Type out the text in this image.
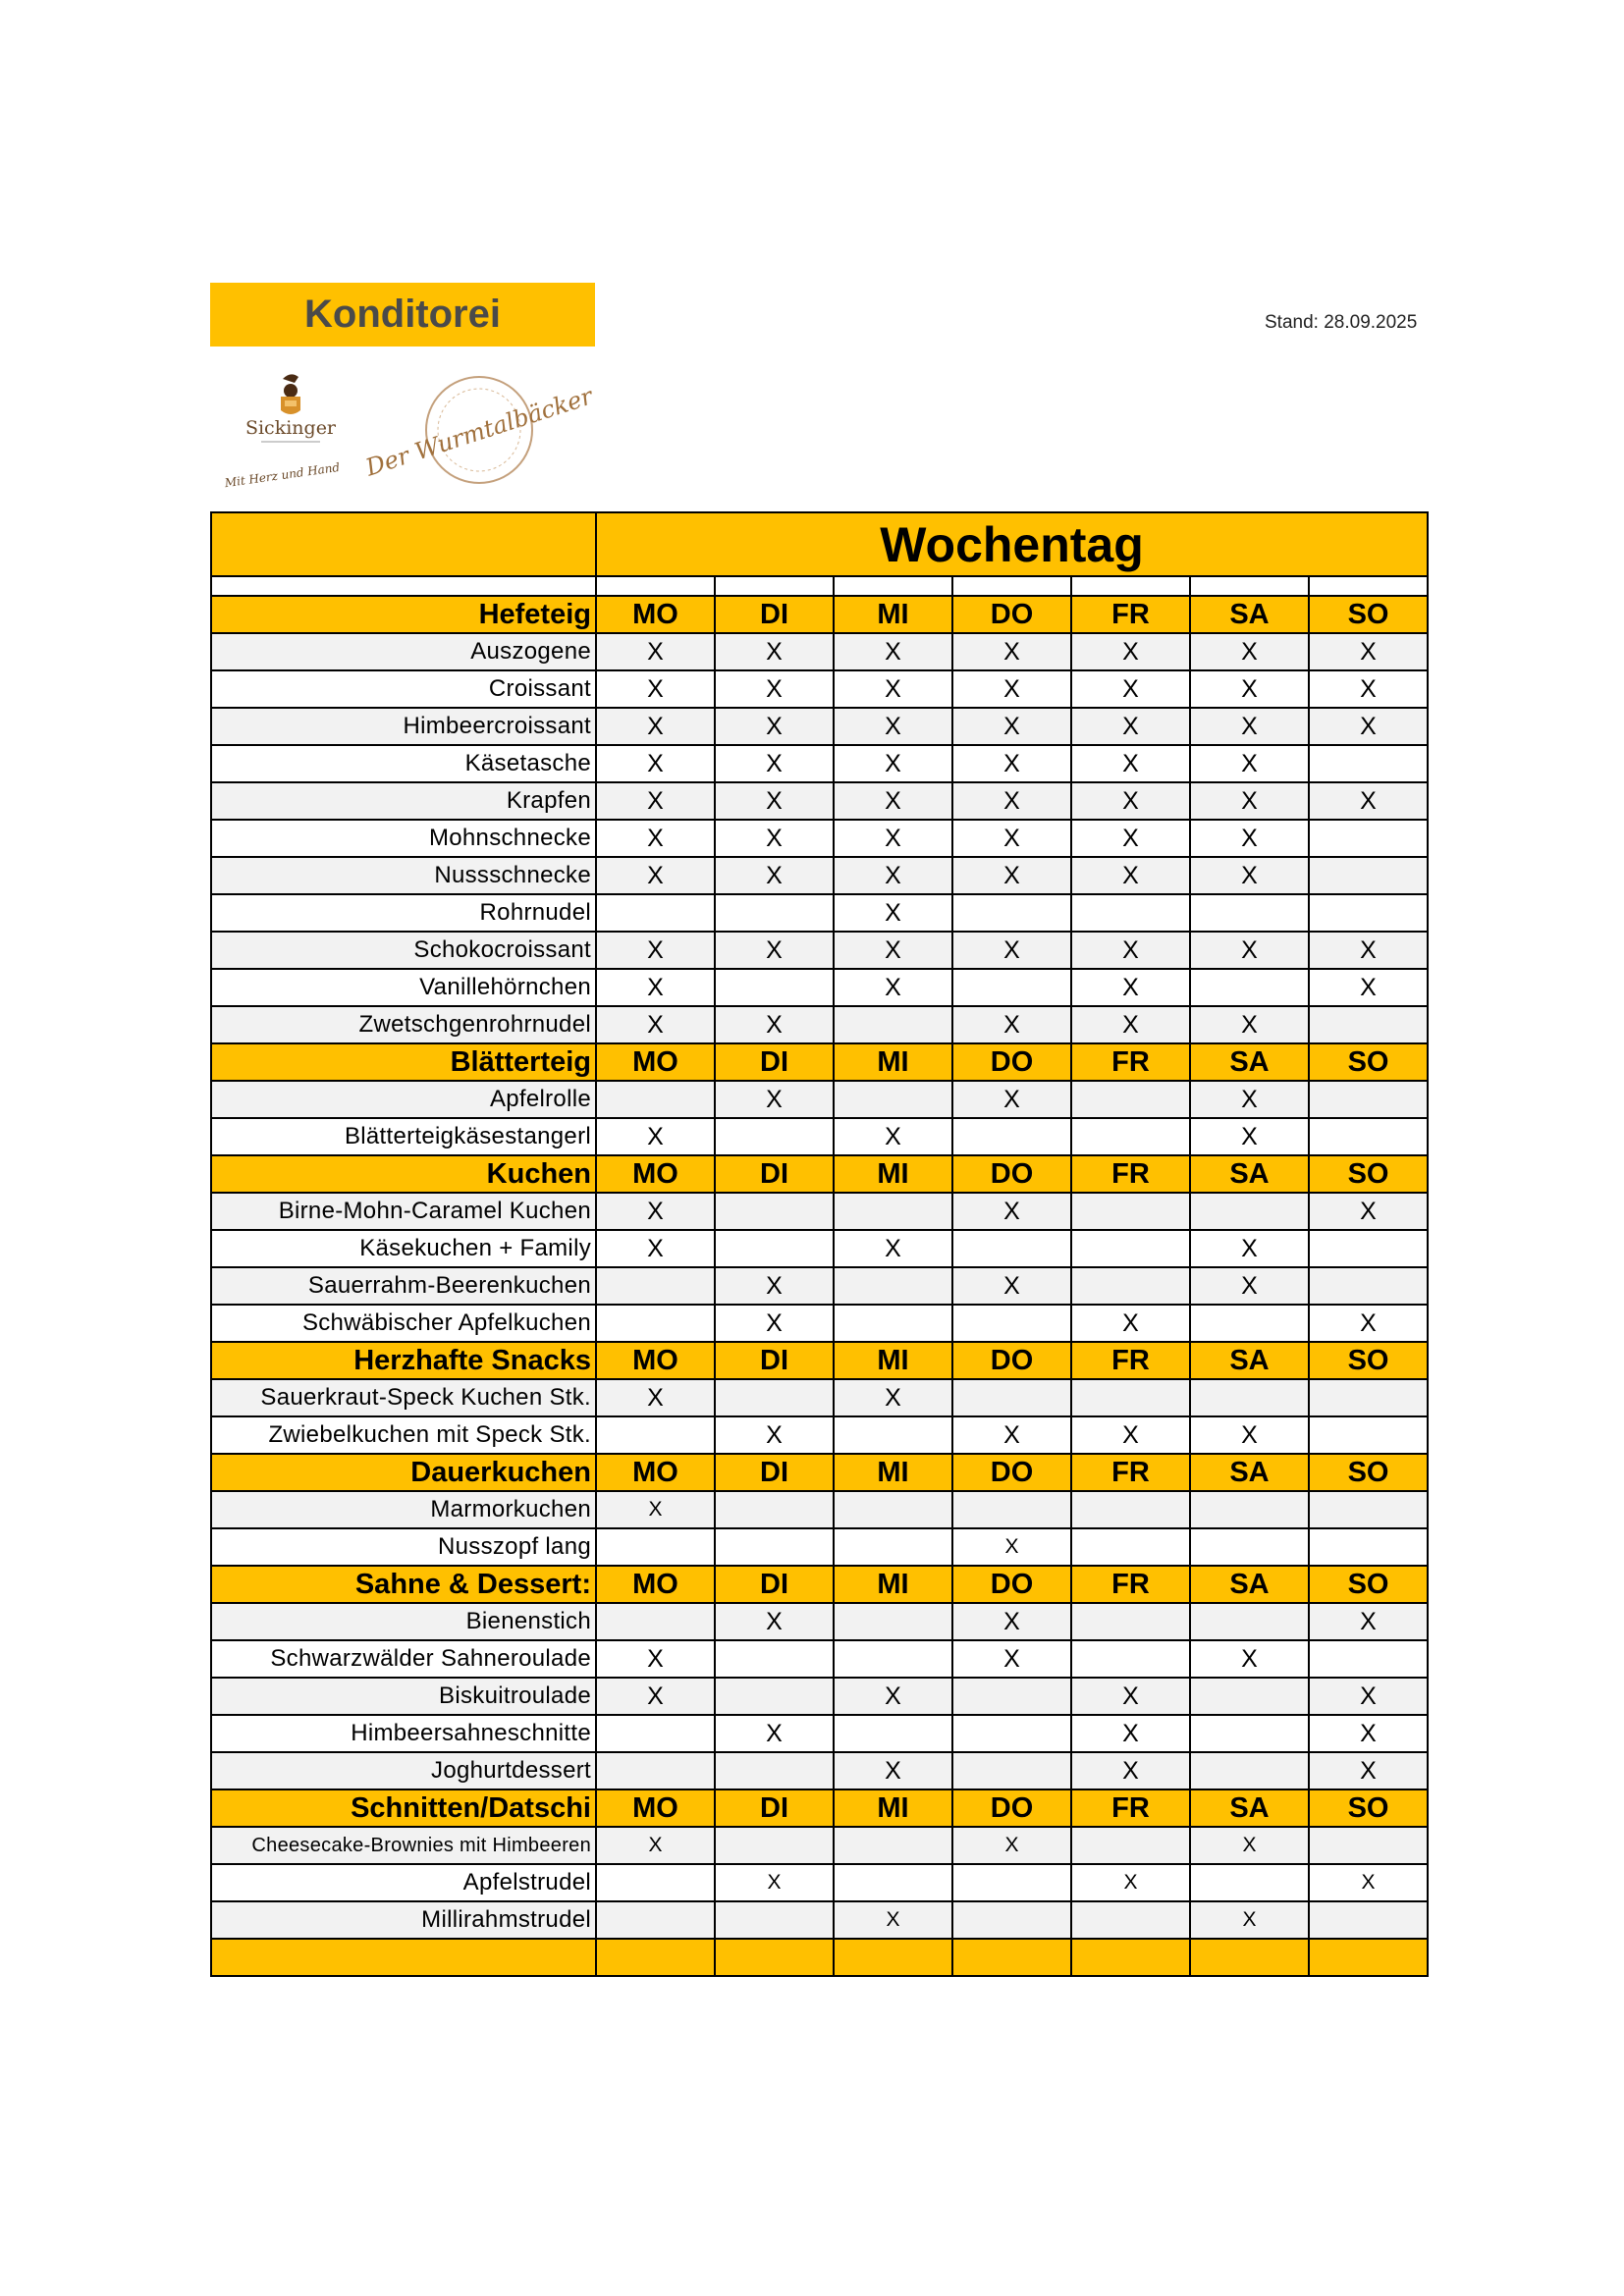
Konditorei	Stand: 28.09.2025
Sickinger
Mit Herz und Hand Der Wurmtalbäcker
	Wochentag						

Hefeteig	MO	DI	MI	DO	FR	SA	SO
Auszogene	X	X	X	X	X	X	X
Croissant	X	X	X	X	X	X	X
Himbeercroissant	X	X	X	X	X	X	X
Käsetasche	X	X	X	X	X	X	
Krapfen	X	X	X	X	X	X	X
Mohnschnecke	X	X	X	X	X	X	
Nussschnecke	X	X	X	X	X	X	
Rohrnudel			X				
Schokocroissant	X	X	X	X	X	X	X
Vanillehörnchen	X		X		X		X
Zwetschgenrohrnudel	X	X		X	X	X	
Blätterteig	MO	DI	MI	DO	FR	SA	SO
Apfelrolle		X		X		X	
Blätterteigkäsestangerl	X		X			X	
Kuchen	MO	DI	MI	DO	FR	SA	SO
Birne-Mohn-Caramel Kuchen	X			X			X
Käsekuchen + Family	X		X			X	
Sauerrahm-Beerenkuchen		X		X		X	
Schwäbischer Apfelkuchen		X			X		X
Herzhafte Snacks	MO	DI	MI	DO	FR	SA	SO
Sauerkraut-Speck Kuchen Stk.	X		X				
Zwiebelkuchen mit Speck Stk.		X		X	X	X	
Dauerkuchen	MO	DI	MI	DO	FR	SA	SO
Marmorkuchen	X						
Nusszopf lang				X			
Sahne & Dessert:	MO	DI	MI	DO	FR	SA	SO
Bienenstich		X		X			X
Schwarzwälder Sahneroulade	X			X		X	
Biskuitroulade	X		X		X		X
Himbeersahneschnitte		X			X		X
Joghurtdessert			X		X		X
Schnitten/Datschi	MO	DI	MI	DO	FR	SA	SO
Cheesecake-Brownies mit Himbeeren	X			X		X	
Apfelstrudel		X			X		X
Millirahmstrudel			X			X	
